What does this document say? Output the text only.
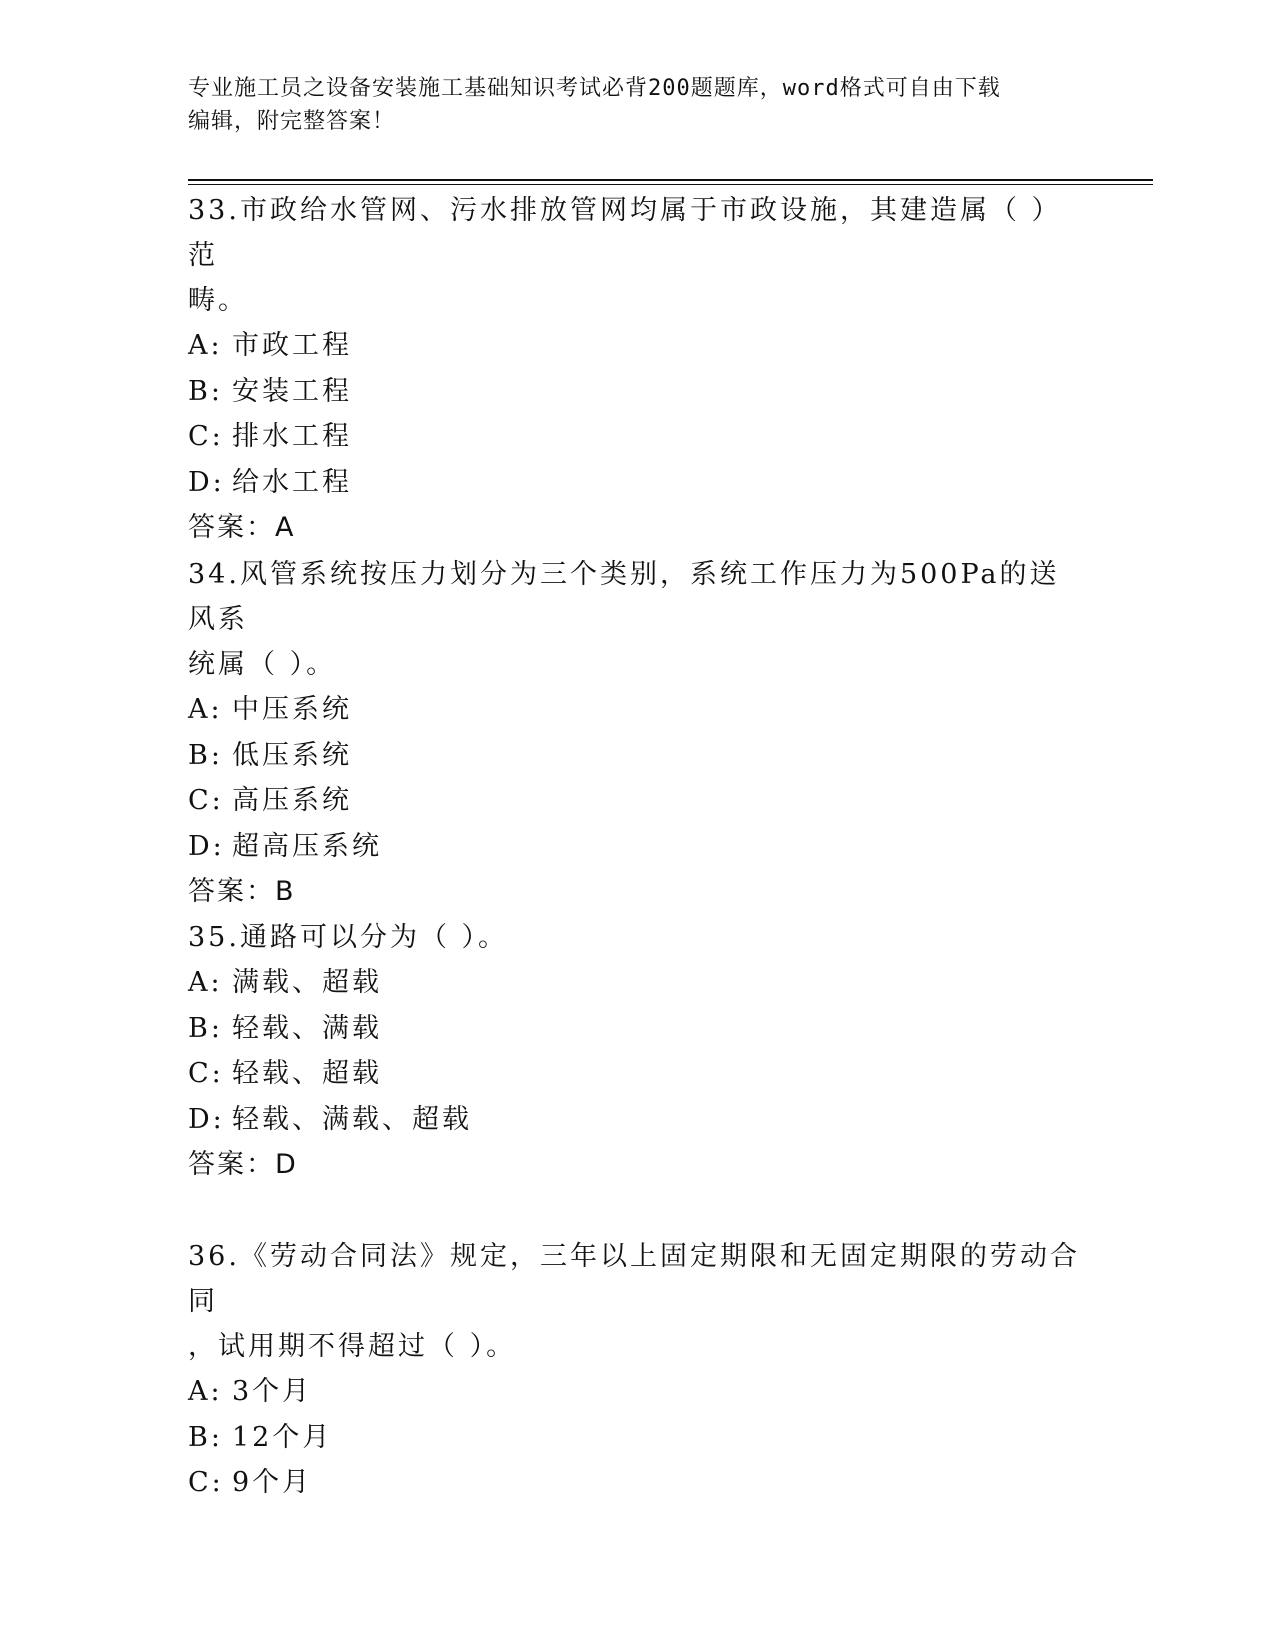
专业施工员之设备安装施工基础知识考试必背200题题库，word格式可自由下载
编辑，附完整答案！

33.市政给水管网、污水排放管网均属于市政设施，其建造属（ ）范

畴。

A: 市政工程

B: 安装工程

C: 排水工程

D: 给水工程

答案：A

34.风管系统按压力划分为三个类别，系统工作压力为500Pa的送风系

统属（ ）。

A: 中压系统

B: 低压系统

C: 高压系统

D: 超高压系统

答案：B

35.通路可以分为（ ）。

A: 满载、超载

B: 轻载、满载

C: 轻载、超载

D: 轻载、满载、超载

答案：D

36.《劳动合同法》规定，三年以上固定期限和无固定期限的劳动合同

，试用期不得超过（ ）。

A: 3个月

B: 12个月

C: 9个月
